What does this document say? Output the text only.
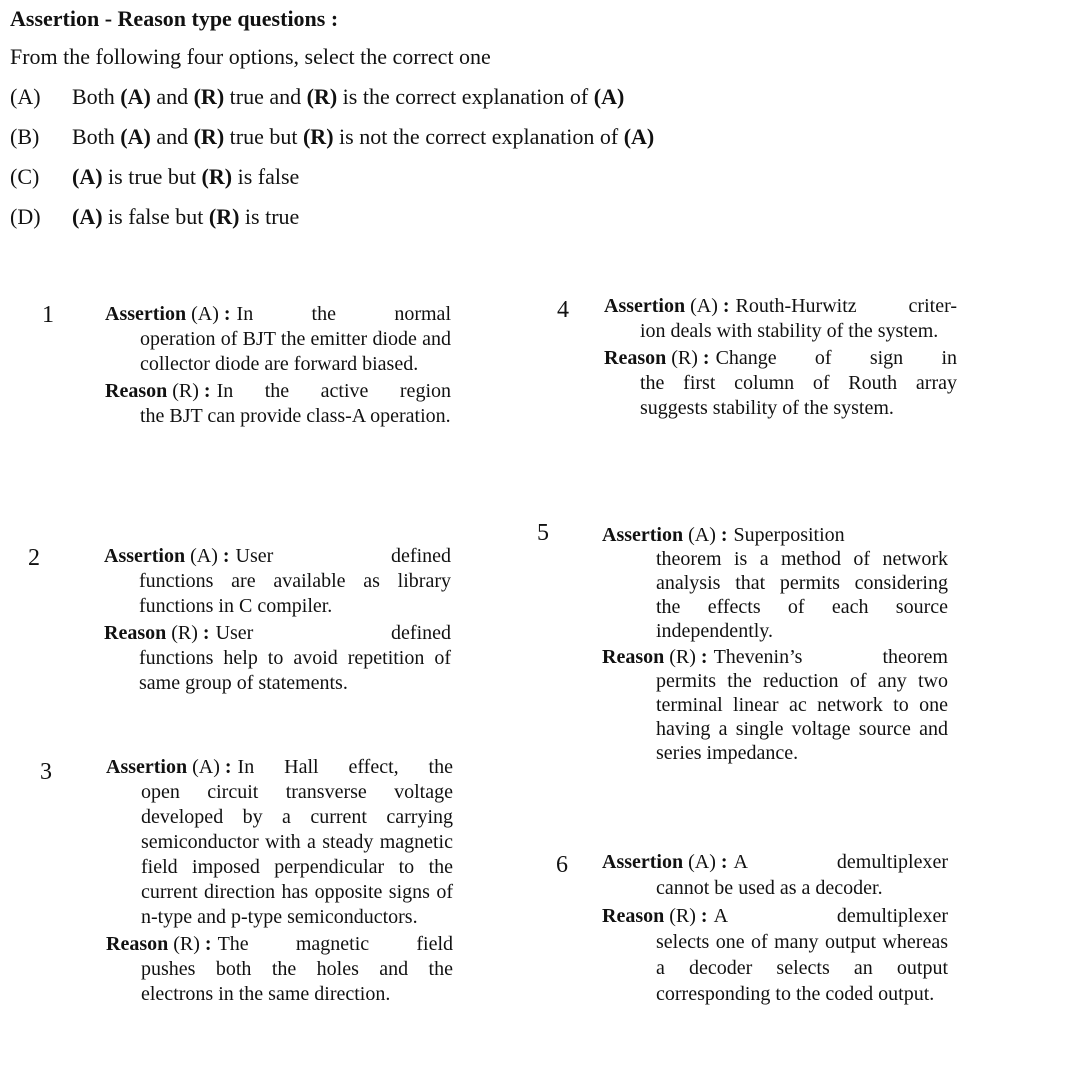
Assertion - Reason type questions :
From the following four options, select the correct one
(A)	Both (A) and (R) true and (R) is the correct explanation of (A)
(B)	Both (A) and (R) true but (R) is not the correct explanation of (A)
(C)	(A) is true but (R) is false
(D)	(A) is false but (R) is true
1	Assertion (A) : In the normal
operation of BJT the emitter diode and collector diode are forward biased.
Reason (R) : In the active region
the BJT can provide class-A operation.
2	Assertion (A) : User defined
functions are available as library functions in C compiler.
Reason (R) : User defined
functions help to avoid repetition of same group of statements.
3	Assertion (A) : In Hall effect, the
open circuit transverse voltage developed by a current carrying semiconductor with a steady magnetic field imposed perpendicular to the current direction has opposite signs of n-type and p-type semiconductors.
Reason (R) : The magnetic field
pushes both the holes and the electrons in the same direction.
4 Assertion (A) : Routh-Hurwitz criter-
ion deals with stability of the system.
Reason (R) : Change of sign in
the first column of Routh array suggests stability of the system.
5	Assertion (A) : Superposition
theorem is a method of network analysis that permits considering the effects of each source independently.
Reason (R) : Thevenin’s theorem
permits the reduction of any two terminal linear ac network to one having a single voltage source and series impedance.
6 Assertion (A) : A demultiplexer
cannot be used as a decoder.
Reason (R) : A demultiplexer
selects one of many output whereas a decoder selects an output corresponding to the coded output.
